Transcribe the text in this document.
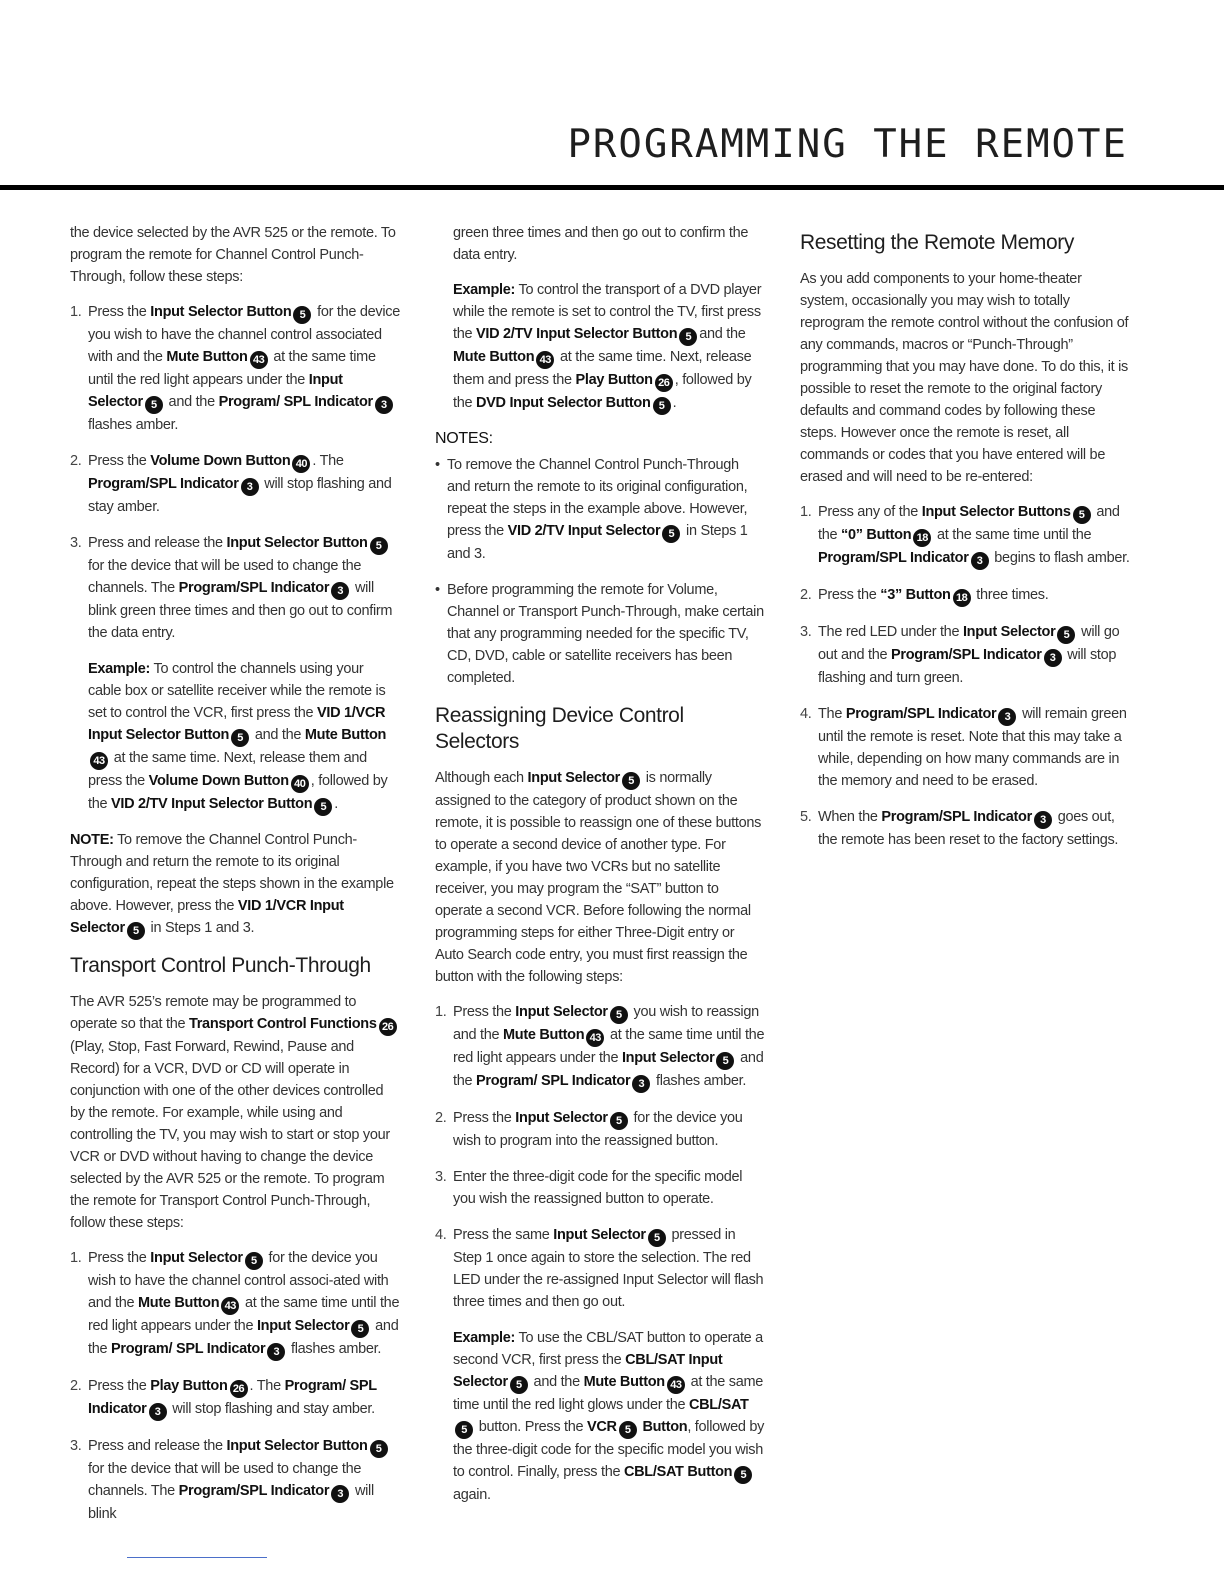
PROGRAMMING THE REMOTE

the device selected by the AVR 525 or the remote. To program the remote for Channel Control Punch-Through, follow these steps:

1. Press the Input Selector Button 5 for the device you wish to have the channel control associated with and the Mute Button 43 at the same time until the red light appears under the Input Selector 5 and the Program/ SPL Indicator 3 flashes amber.
2. Press the Volume Down Button 40 . The Program/SPL Indicator 3 will stop flashing and stay amber.
3. Press and release the Input Selector Button 5 for the device that will be used to change the channels. The Program/SPL Indicator 3 will blink green three times and then go out to confirm the data entry.

Example: To control the channels using your cable box or satellite receiver while the remote is set to control the VCR, first press the VID 1/VCR Input Selector Button 5 and the Mute Button43 at the same time. Next, release them and press the Volume Down Button 40 , followed by the VID 2/TV Input Selector Button 5 .

NOTE: To remove the Channel Control Punch-Through and return the remote to its original configuration, repeat the steps shown in the example above. However, press the VID 1/VCR Input Selector 5 in Steps 1 and 3.

Transport Control Punch-Through

The AVR 525’s remote may be programmed to operate so that the Transport Control Functions 26 (Play, Stop, Fast Forward, Rewind, Pause and Record) for a VCR, DVD or CD will operate in conjunction with one of the other devices controlled by the remote. For example, while using and controlling the TV, you may wish to start or stop your VCR or DVD without having to change the device selected by the AVR 525 or the remote. To program the remote for Transport Control Punch-Through, follow these steps:

1. Press the Input Selector 5 for the device you wish to have the channel control associ-ated with and the Mute Button 43 at the same time until the red light appears under the Input Selector 5 and the Program/ SPL Indicator 3 flashes amber.
2. Press the Play Button 26 . The Program/ SPL Indicator 3 will stop flashing and stay amber.
3. Press and release the Input Selector Button 5 for the device that will be used to change the channels. The Program/SPL Indicator 3 will blink

green three times and then go out to confirm the data entry.

Example: To control the transport of a DVD player while the remote is set to control the TV, first press the VID 2/TV Input Selector Button 5 and the Mute Button 43 at the same time. Next, release them and press the Play Button 26 , followed by the DVD Input Selector Button 5 .

NOTES:
• To remove the Channel Control Punch-Through and return the remote to its original configuration, repeat the steps in the example above. However, press the VID 2/TV Input Selector 5 in Steps 1 and 3.
• Before programming the remote for Volume, Channel or Transport Punch-Through, make certain that any programming needed for the specific TV, CD, DVD, cable or satellite receivers has been completed.
Reassigning Device Control Selectors

Although each Input Selector 5 is normally assigned to the category of product shown on the remote, it is possible to reassign one of these buttons to operate a second device of another type. For example, if you have two VCRs but no satellite receiver, you may program the “SAT” button to operate a second VCR. Before following the normal programming steps for either Three-Digit entry or Auto Search code entry, you must first reassign the button with the following steps:

1. Press the Input Selector 5 you wish to reassign and the Mute Button 43 at the same time until the red light appears under the Input Selector 5 and the Program/ SPL Indicator 3 flashes amber.
2. Press the Input Selector 5 for the device you wish to program into the reassigned button.
3. Enter the three-digit code for the specific model you wish the reassigned button to operate.
4. Press the same Input Selector 5 pressed in Step 1 once again to store the selection. The red LED under the re-assigned Input Selector will flash three times and then go out.

Example: To use the CBL/SAT button to operate a second VCR, first press the CBL/SAT Input Selector 5 and the Mute Button 43 at the same time until the red light glows under the CBL/SAT5 button. Press the VCR 5 Button, followed by the three-digit code for the specific model you wish to control. Finally, press the CBL/SAT Button 5 again.

Resetting the Remote Memory

As you add components to your home-theater system, occasionally you may wish to totally reprogram the remote control without the confusion of any commands, macros or “Punch-Through” programming that you may have done. To do this, it is possible to reset the remote to the original factory defaults and command codes by following these steps. However once the remote is reset, all commands or codes that you have entered will be erased and will need to be re-entered:

1. Press any of the Input Selector Buttons 5 and the “0” Button 18 at the same time until the Program/SPL Indicator 3 begins to flash amber.
2. Press the “3” Button 18 three times.
3. The red LED under the Input Selector 5 will go out and the Program/SPL Indicator 3 will stop flashing and turn green.
4. The Program/SPL Indicator 3 will remain green until the remote is reset. Note that this may take a while, depending on how many commands are in the memory and need to be erased.
5. When the Program/SPL Indicator 3 goes out, the remote has been reset to the factory settings.
